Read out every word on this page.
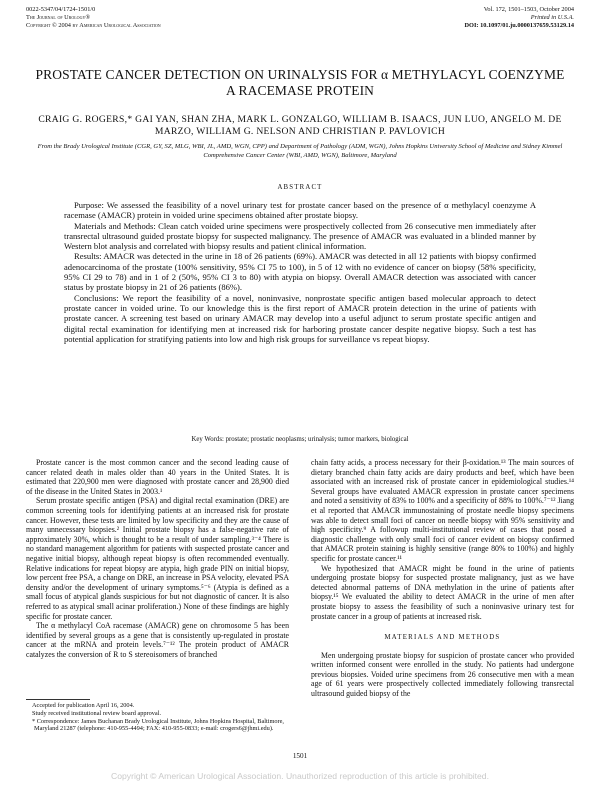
0022-5347/04/1724-1501/0
The Journal of Urology®
Copyright © 2004 by American Urological Association
Vol. 172, 1501–1503, October 2004
Printed in U.S.A.
DOI: 10.1097/01.ju.0000137659.53129.14
PROSTATE CANCER DETECTION ON URINALYSIS FOR α METHYLACYL COENZYME A RACEMASE PROTEIN
CRAIG G. ROGERS,* GAI YAN, SHAN ZHA, MARK L. GONZALGO, WILLIAM B. ISAACS, JUN LUO, ANGELO M. DE MARZO, WILLIAM G. NELSON AND CHRISTIAN P. PAVLOVICH
From the Brady Urological Institute (CGR, GY, SZ, MLG, WBI, JL, AMD, WGN, CPP) and Department of Pathology (ADM, WGN), Johns Hopkins University School of Medicine and Sidney Kimmel Comprehensive Cancer Center (WBI, AMD, WGN), Baltimore, Maryland
ABSTRACT

Purpose: We assessed the feasibility of a novel urinary test for prostate cancer based on the presence of α methylacyl coenzyme A racemase (AMACR) protein in voided urine specimens obtained after prostate biopsy.

Materials and Methods: Clean catch voided urine specimens were prospectively collected from 26 consecutive men immediately after transrectal ultrasound guided prostate biopsy for suspected malignancy. The presence of AMACR was evaluated in a blinded manner by Western blot analysis and correlated with biopsy results and patient clinical information.

Results: AMACR was detected in the urine in 18 of 26 patients (69%). AMACR was detected in all 12 patients with biopsy confirmed adenocarcinoma of the prostate (100% sensitivity, 95% CI 75 to 100), in 5 of 12 with no evidence of cancer on biopsy (58% specificity, 95% CI 29 to 78) and in 1 of 2 (50%, 95% CI 3 to 80) with atypia on biopsy. Overall AMACR detection was associated with cancer status by prostate biopsy in 21 of 26 patients (86%).

Conclusions: We report the feasibility of a novel, noninvasive, nonprostate specific antigen based molecular approach to detect prostate cancer in voided urine. To our knowledge this is the first report of AMACR protein detection in the urine of patients with prostate cancer. A screening test based on urinary AMACR may develop into a useful adjunct to serum prostate specific antigen and digital rectal examination for identifying men at increased risk for harboring prostate cancer despite negative biopsy. Such a test has potential application for stratifying patients into low and high risk groups for surveillance vs repeat biopsy.

Key Words: prostate; prostatic neoplasms; urinalysis; tumor markers, biological

Prostate cancer is the most common cancer and the second leading cause of cancer related death in males older than 40 years in the United States. It is estimated that 220,900 men were diagnosed with prostate cancer and 28,900 died of the disease in the United States in 2003.¹

Serum prostate specific antigen (PSA) and digital rectal examination (DRE) are common screening tools for identifying patients at an increased risk for prostate cancer. However, these tests are limited by low specificity and they are the cause of many unnecessary biopsies.² Initial prostate biopsy has a false-negative rate of approximately 30%, which is thought to be a result of under sampling.³⁻⁴ There is no standard management algorithm for patients with suspected prostate cancer and negative initial biopsy, although repeat biopsy is often recommended eventually. Relative indications for repeat biopsy are atypia, high grade PIN on initial biopsy, low percent free PSA, a change on DRE, an increase in PSA velocity, elevated PSA density and/or the development of urinary symptoms.⁵⁻⁶ (Atypia is defined as a small focus of atypical glands suspicious for but not diagnostic of cancer. It is also referred to as atypical small acinar proliferation.) None of these findings are highly specific for prostate cancer.

The α methylacyl CoA racemase (AMACR) gene on chromosome 5 has been identified by several groups as a gene that is consistently up-regulated in prostate cancer at the mRNA and protein levels.⁷⁻¹² The protein product of AMACR catalyzes the conversion of R to S stereoisomers of branched

Accepted for publication April 16, 2004.

Study received institutional review board approval.

* Correspondence: James Buchanan Brady Urological Institute, Johns Hopkins Hospital, Baltimore, Maryland 21287 (telephone: 410-955-4494; FAX: 410-955-0833; e-mail: crogers6@jhmi.edu).

chain fatty acids, a process necessary for their β-oxidation.¹³ The main sources of dietary branched chain fatty acids are dairy products and beef, which have been associated with an increased risk of prostate cancer in epidemiological studies.¹⁴ Several groups have evaluated AMACR expression in prostate cancer specimens and noted a sensitivity of 83% to 100% and a specificity of 88% to 100%.⁷⁻¹² Jiang et al reported that AMACR immunostaining of prostate needle biopsy specimens was able to detect small foci of cancer on needle biopsy with 95% sensitivity and high specificity.⁹ A followup multi-institutional review of cases that posed a diagnostic challenge with only small foci of cancer evident on biopsy confirmed that AMACR protein staining is highly sensitive (range 80% to 100%) and highly specific for prostate cancer.¹¹

We hypothesized that AMACR might be found in the urine of patients undergoing prostate biopsy for suspected prostate malignancy, just as we have detected abnormal patterns of DNA methylation in the urine of patients after biopsy.¹⁵ We evaluated the ability to detect AMACR in the urine of men after prostate biopsy to assess the feasibility of such a noninvasive urinary test for prostate cancer in a group of patients at increased risk.

MATERIALS AND METHODS

Men undergoing prostate biopsy for suspicion of prostate cancer who provided written informed consent were enrolled in the study. No patients had undergone previous biopsies. Voided urine specimens from 26 consecutive men with a mean age of 61 years were prospectively collected immediately following transrectal ultrasound guided biopsy of the

1501
Copyright © American Urological Association. Unauthorized reproduction of this article is prohibited.
